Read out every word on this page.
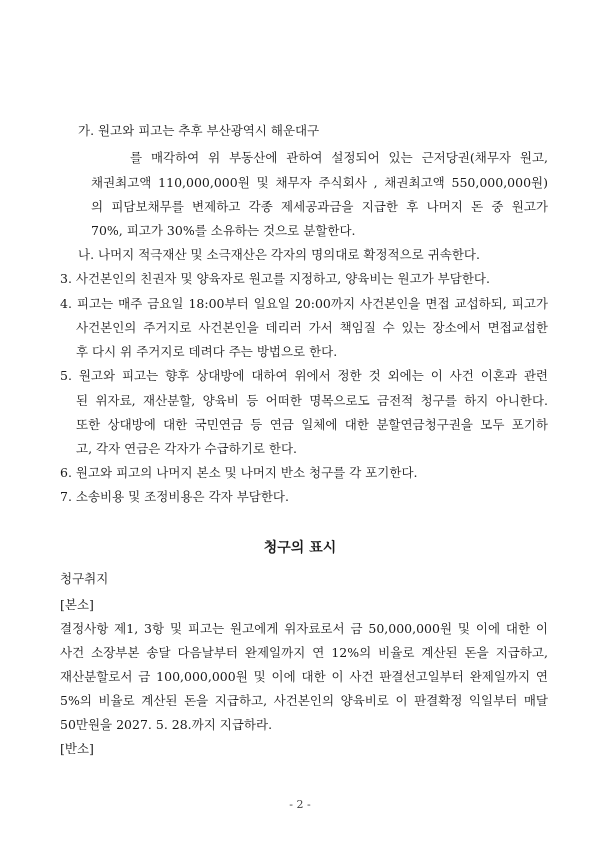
가. 원고와 피고는 추후 부산광역시 해운대구
를 매각하여 위 부동산에 관하여 설정되어 있는 근저당권(채무자 원고,
채권최고액 110,000,000원 및 채무자 주식회사 , 채권최고액 550,000,000원)
의 피담보채무를 변제하고 각종 제세공과금을 지급한 후 나머지 돈 중 원고가
70%, 피고가 30%를 소유하는 것으로 분할한다.
나. 나머지 적극재산 및 소극재산은 각자의 명의대로 확정적으로 귀속한다.
3. 사건본인의 친권자 및 양육자로 원고를 지정하고, 양육비는 원고가 부담한다.
4. 피고는 매주 금요일 18:00부터 일요일 20:00까지 사건본인을 면접 교섭하되, 피고가
사건본인의 주거지로 사건본인을 데리러 가서 책임질 수 있는 장소에서 면접교섭한
후 다시 위 주거지로 데려다 주는 방법으로 한다.
5. 원고와 피고는 향후 상대방에 대하여 위에서 정한 것 외에는 이 사건 이혼과 관련
된 위자료, 재산분할, 양육비 등 어떠한 명목으로도 금전적 청구를 하지 아니한다.
또한 상대방에 대한 국민연금 등 연금 일체에 대한 분할연금청구권을 모두 포기하
고, 각자 연금은 각자가 수급하기로 한다.
6. 원고와 피고의 나머지 본소 및 나머지 반소 청구를 각 포기한다.
7. 소송비용 및 조정비용은 각자 부담한다.
청구의 표시
청구취지
[본소]
결정사항 제1, 3항 및 피고는 원고에게 위자료로서 금 50,000,000원 및 이에 대한 이
사건 소장부본 송달 다음날부터 완제일까지 연 12%의 비율로 계산된 돈을 지급하고,
재산분할로서 금 100,000,000원 및 이에 대한 이 사건 판결선고일부터 완제일까지 연
5%의 비율로 계산된 돈을 지급하고, 사건본인의 양육비로 이 판결확정 익일부터 매달
50만원을 2027. 5. 28.까지 지급하라.
[반소]
- 2 -
